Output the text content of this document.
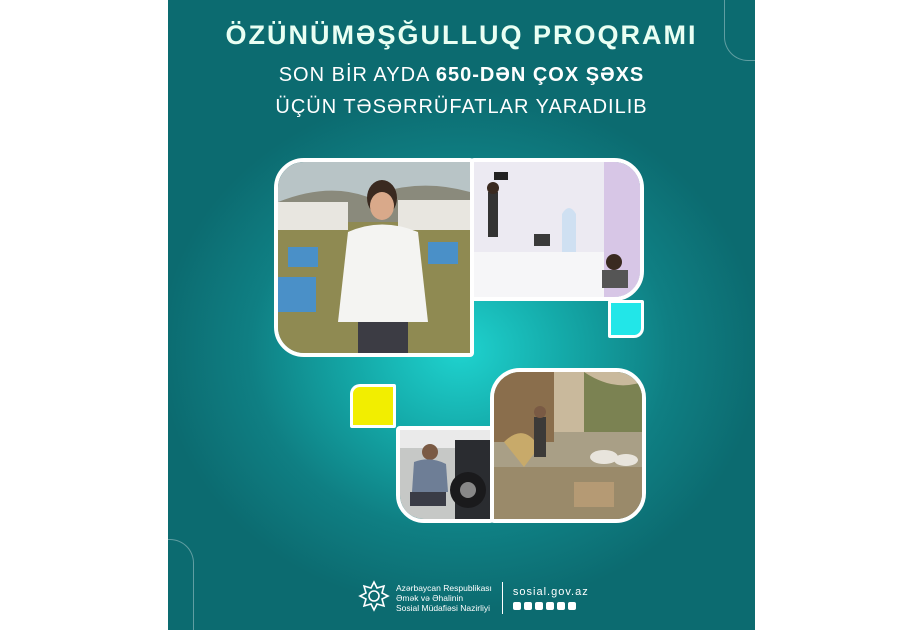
ÖZÜNÜMƏŞĞULLUQ PROQRAMI
SON BİR AYDA 650-DƏN ÇOX ŞƏXS
ÜÇÜN TƏSƏRRÜFATLAR YARADILIB
Azərbaycan Respublikası
Əmək və Əhalinin
Sosial Müdafiəsi Nazirliyi
sosial.gov.az
